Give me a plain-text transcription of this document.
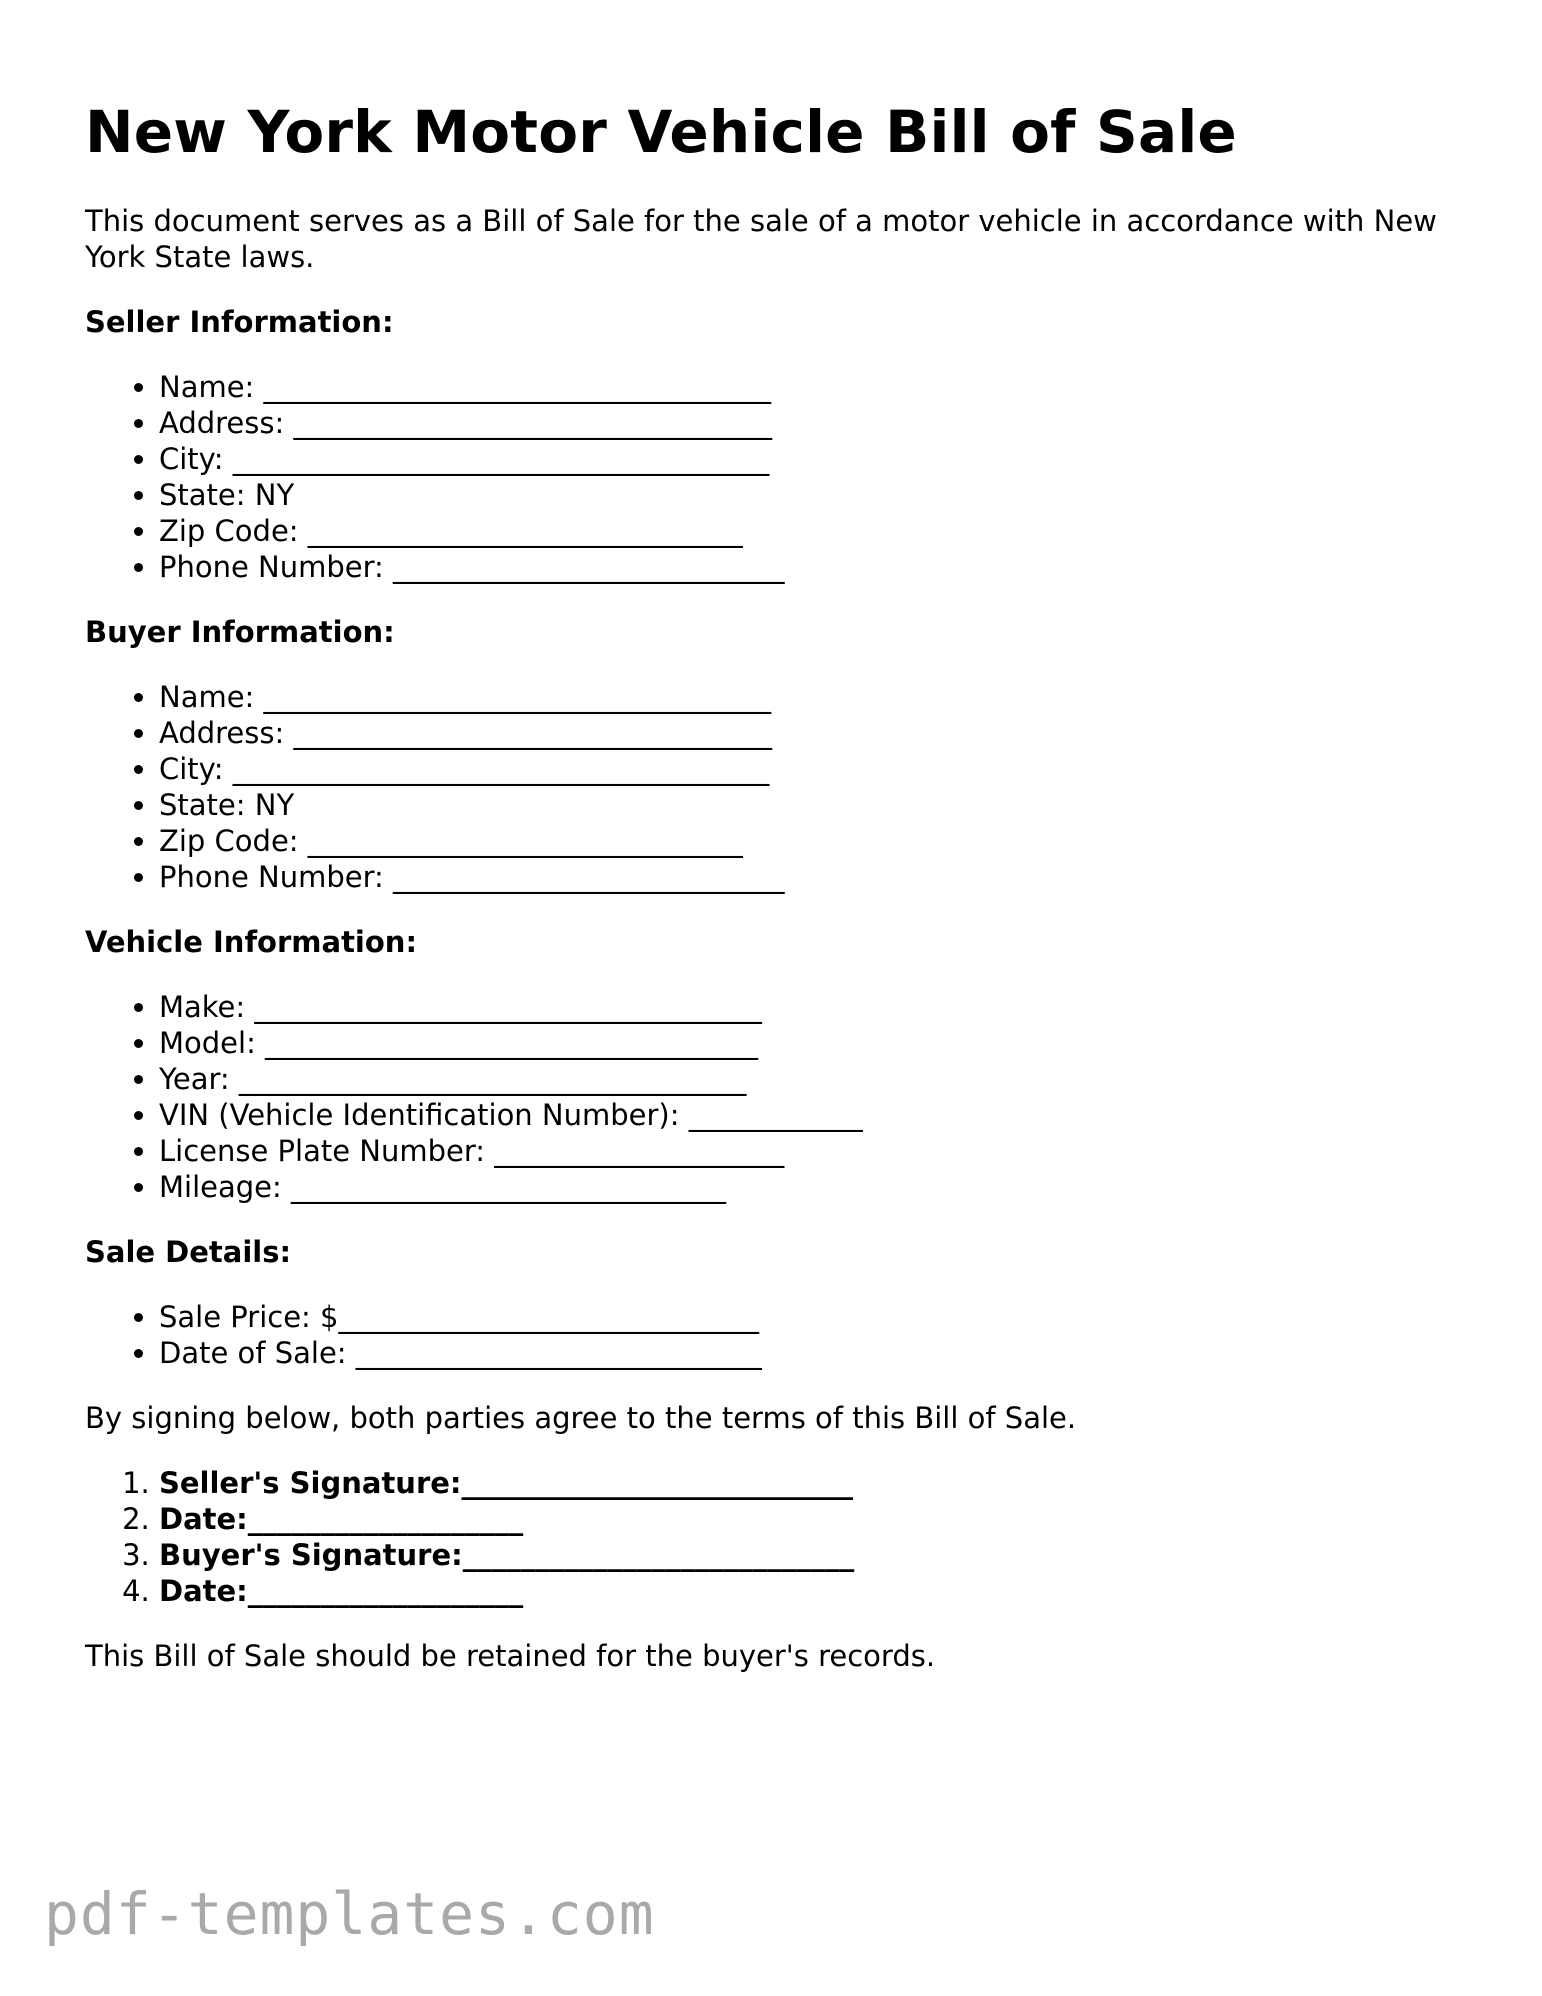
New York Motor Vehicle Bill of Sale

This document serves as a Bill of Sale for the sale of a motor vehicle in accordance with New York State laws.

Seller Information:
• Name: ___________________________________
• Address: _________________________________
• City: _____________________________________
• State: NY
• Zip Code: ______________________________
• Phone Number: ___________________________
Buyer Information:
• Name: ___________________________________
• Address: _________________________________
• City: _____________________________________
• State: NY
• Zip Code: ______________________________
• Phone Number: ___________________________
Vehicle Information:
• Make: ___________________________________
• Model: __________________________________
• Year: ___________________________________
• VIN (Vehicle Identification Number): ____________
• License Plate Number: ____________________
• Mileage: ______________________________
Sale Details:
• Sale Price: $_____________________________
• Date of Sale: ____________________________

By signing below, both parties agree to the terms of this Bill of Sale.

1. Seller's Signature:___________________________
2. Date:___________________
3. Buyer's Signature:___________________________
4. Date:___________________

This Bill of Sale should be retained for the buyer's records.

pdf-templates.com
